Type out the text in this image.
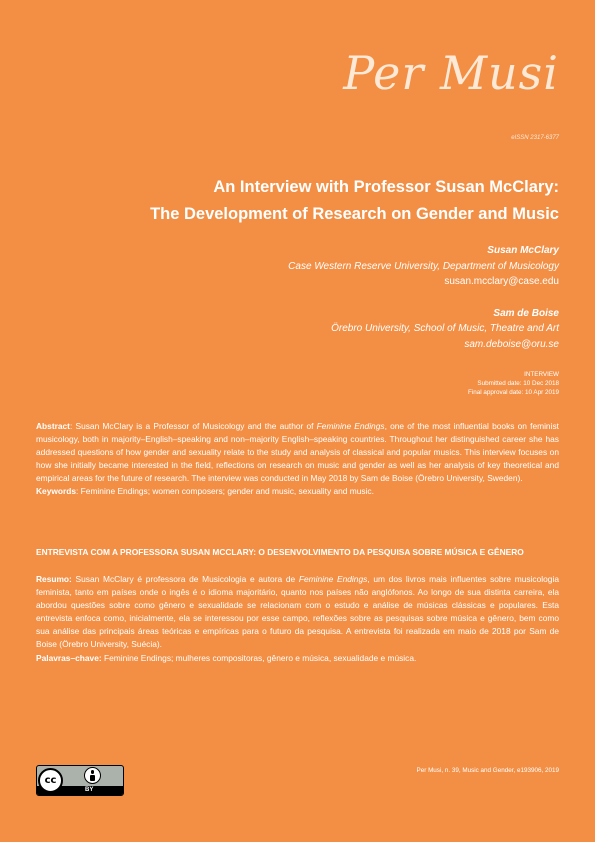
Per Musi
eISSN 2317-6377
An Interview with Professor Susan McClary:
The Development of Research on Gender and Music
Susan McClary
Case Western Reserve University, Department of Musicology
susan.mcclary@case.edu
Sam de Boise
Örebro University, School of Music, Theatre and Art
sam.deboise@oru.se
INTERVIEW
Submitted date: 10 Dec 2018
Final approval date: 10 Apr 2019
Abstract: Susan McClary is a Professor of Musicology and the author of Feminine Endings, one of the most influential books on feminist musicology, both in majority–English–speaking and non–majority English–speaking countries. Throughout her distinguished career she has addressed questions of how gender and sexuality relate to the study and analysis of classical and popular musics. This interview focuses on how she initially became interested in the field, reflections on research on music and gender as well as her analysis of key theoretical and empirical areas for the future of research. The interview was conducted in May 2018 by Sam de Boise (Örebro University, Sweden).
Keywords: Feminine Endings; women composers; gender and music, sexuality and music.
ENTREVISTA COM A PROFESSORA SUSAN MCCLARY: O DESENVOLVIMENTO DA PESQUISA SOBRE MÚSICA E GÊNERO
Resumo: Susan McClary é professora de Musicologia e autora de Feminine Endings, um dos livros mais influentes sobre musicologia feminista, tanto em países onde o ingês é o idioma majoritário, quanto nos países não anglófonos. Ao longo de sua distinta carreira, ela abordou questões sobre como gênero e sexualidade se relacionam com o estudo e análise de músicas clássicas e populares. Esta entrevista enfoca como, inicialmente, ela se interessou por esse campo, reflexões sobre as pesquisas sobre música e gênero, bem como sua análise das principais áreas teóricas e empíricas para o futuro da pesquisa. A entrevista foi realizada em maio de 2018 por Sam de Boise (Örebro University, Suécia).
Palavras–chave: Feminine Endings; mulheres compositoras, gênero e música, sexualidade e música.
cc
BY
Per Musi, n. 39, Music and Gender, e193906, 2019
